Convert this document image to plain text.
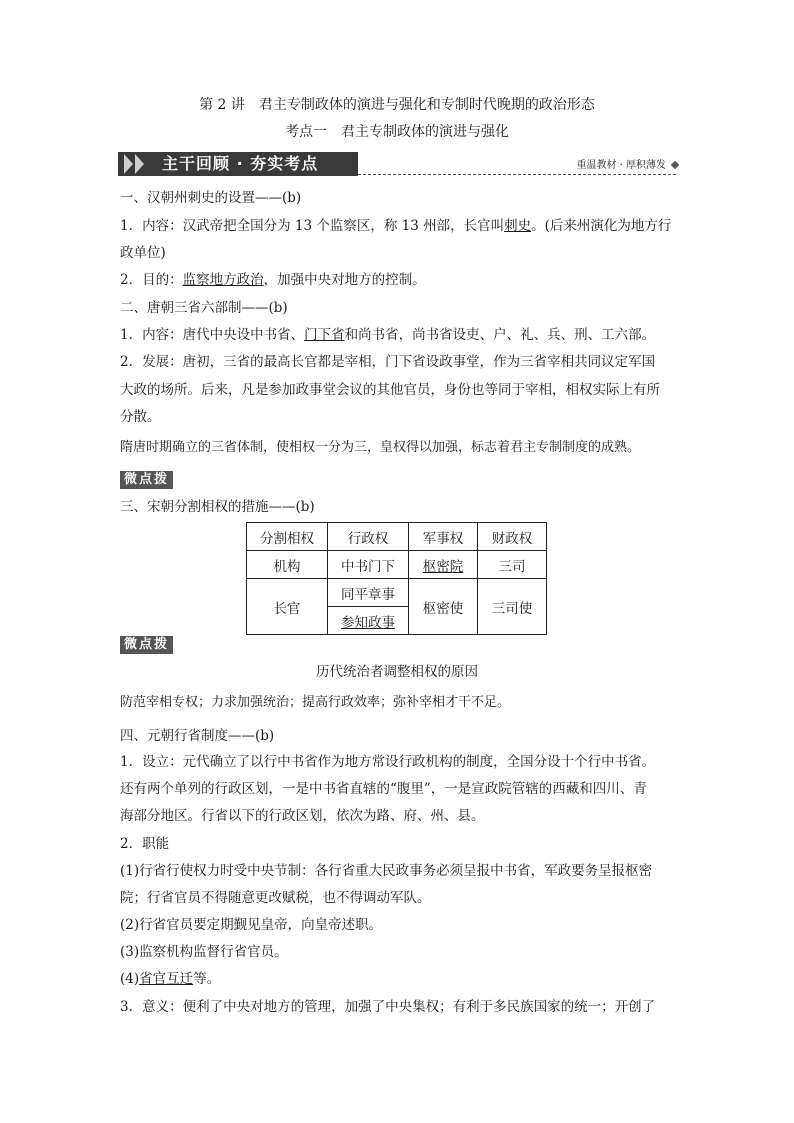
第 2 讲　君主专制政体的演进与强化和专制时代晚期的政治形态
考点一　君主专制政体的演进与强化
主干回顾 · 夯实考点	重温教材 · 厚积薄发
一、汉朝州刺史的设置——(b)
1．内容：汉武帝把全国分为 13 个监察区，称 13 州部，长官叫刺史。(后来州演化为地方行
政单位)
2．目的：监察地方政治，加强中央对地方的控制。
二、唐朝三省六部制——(b)
1．内容：唐代中央设中书省、门下省和尚书省，尚书省设吏、户、礼、兵、刑、工六部。
2．发展：唐初，三省的最高长官都是宰相，门下省设政事堂，作为三省宰相共同议定军国
大政的场所。后来，凡是参加政事堂会议的其他官员，身份也等同于宰相，相权实际上有所
分散。
隋唐时期确立的三省体制，使相权一分为三，皇权得以加强，标志着君主专制制度的成熟。
微点拨
三、宋朝分割相权的措施——(b)
分割相权	行政权	军事权	财政权
机构	中书门下	枢密院	三司
长官	同平章事	枢密使	三司使
	参知政事		
微点拨
历代统治者调整相权的原因
防范宰相专权；力求加强统治；提高行政效率；弥补宰相才干不足。
四、元朝行省制度——(b)
1．设立：元代确立了以行中书省作为地方常设行政机构的制度，全国分设十个行中书省。
还有两个单列的行政区划，一是中书省直辖的“腹里”，一是宣政院管辖的西藏和四川、青
海部分地区。行省以下的行政区划，依次为路、府、州、县。
2．职能
(1)行省行使权力时受中央节制：各行省重大民政事务必须呈报中书省，军政要务呈报枢密
院；行省官员不得随意更改赋税，也不得调动军队。
(2)行省官员要定期觐见皇帝，向皇帝述职。
(3)监察机构监督行省官员。
(4)省官互迁等。
3．意义：便利了中央对地方的管理，加强了中央集权；有利于多民族国家的统一；开创了
